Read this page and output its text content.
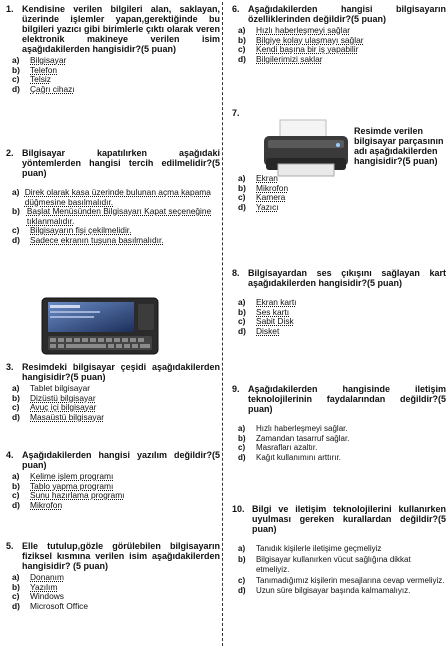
1. Kendisine verilen bilgileri alan, saklayan, üzerinde işlemler yapan,gerektiğinde bu bilgileri yazıcı gibi birimlerle çıktı olarak veren elektronik makineye verilen isim aşağıdakilerden hangisidir?(5 puan)
a)	Bilgisayar
b)	Telefon
c)	Telsiz
d)	Çağrı cihazı
2. Bilgisayar kapatılırken aşağıdaki yöntemlerden hangisi tercih edilmelidir?(5 puan)
a) Direk olarak kasa üzerinde bulunan açma kapama düğmesine basılmalıdır.
b) Başlat Menüsünden Bilgisayarı Kapat seçeneğine tıklanmalıdır.
c)	Bilgisayarın fişi çekilmelidir.
d)	Sadece ekranın tuşuna basılmalıdır.
3. Resimdeki bilgisayar çeşidi aşağıdakilerden hangisidir?(5 puan)
a)	Tablet bilgisayar
b)	Dizüstü bilgisayar
c)	Avuç içi bilgisayar
d)	Masaüstü bilgisayar
4. Aşağıdakilerden hangisi yazılım değildir?(5 puan)
a)	Kelime işlem programı
b)	Tablo yapma programı
c)	Sunu hazırlama programı
d)	Mikrofon
5. Elle tutulup,gözle görülebilen bilgisayarın fiziksel kısmına verilen isim aşağıdakilerden hangisidir? (5 puan)
a)	Donanım
b)	Yazılım
c)	Windows
d)	Microsoft Office
6. Aşağıdakilerden hangisi bilgisayarın özelliklerinden değildir?(5 puan)
a)	Hızlı haberleşmeyi sağlar
b)	Bilgiye kolay ulaşmayı sağlar
c)	Kendi başına bir iş yapabilir
d)	Bilgilerimizi saklar
7.
Resimde verilen bilgisayar parçasının adı aşağıdakilerden hangisidir?(5 puan)
a)	Ekran
b)	Mikrofon
c)	Kamera
d)	Yazıcı
8. Bilgisayardan ses çıkışını sağlayan kart aşağıdakilerden hangisidir?(5 puan)
a)	Ekran kartı
b)	Ses kartı
c)	Sabit Disk
d)	Disket
9. Aşağıdakilerden hangisinde iletişim teknolojilerinin faydalarından değildir?(5 puan)
a)	Hızlı haberleşmeyi sağlar.
b)	Zamandan tasarruf sağlar.
c)	Masrafları azaltır.
d)	Kağıt kullanımını arttırır.
10. Bilgi ve iletişim teknolojilerini kullanırken uyulması gereken kurallardan değildir?(5 puan)
a)	Tanıdık kişilerle iletişime geçmeliyiz
b)	Bilgisayar kullanırken vücut sağlığına dikkat etmeliyiz.
c)	Tanımadığımız kişilerin mesajlarına cevap vermeliyiz.
d)	Uzun süre bilgisayar başında kalmamalıyız.
